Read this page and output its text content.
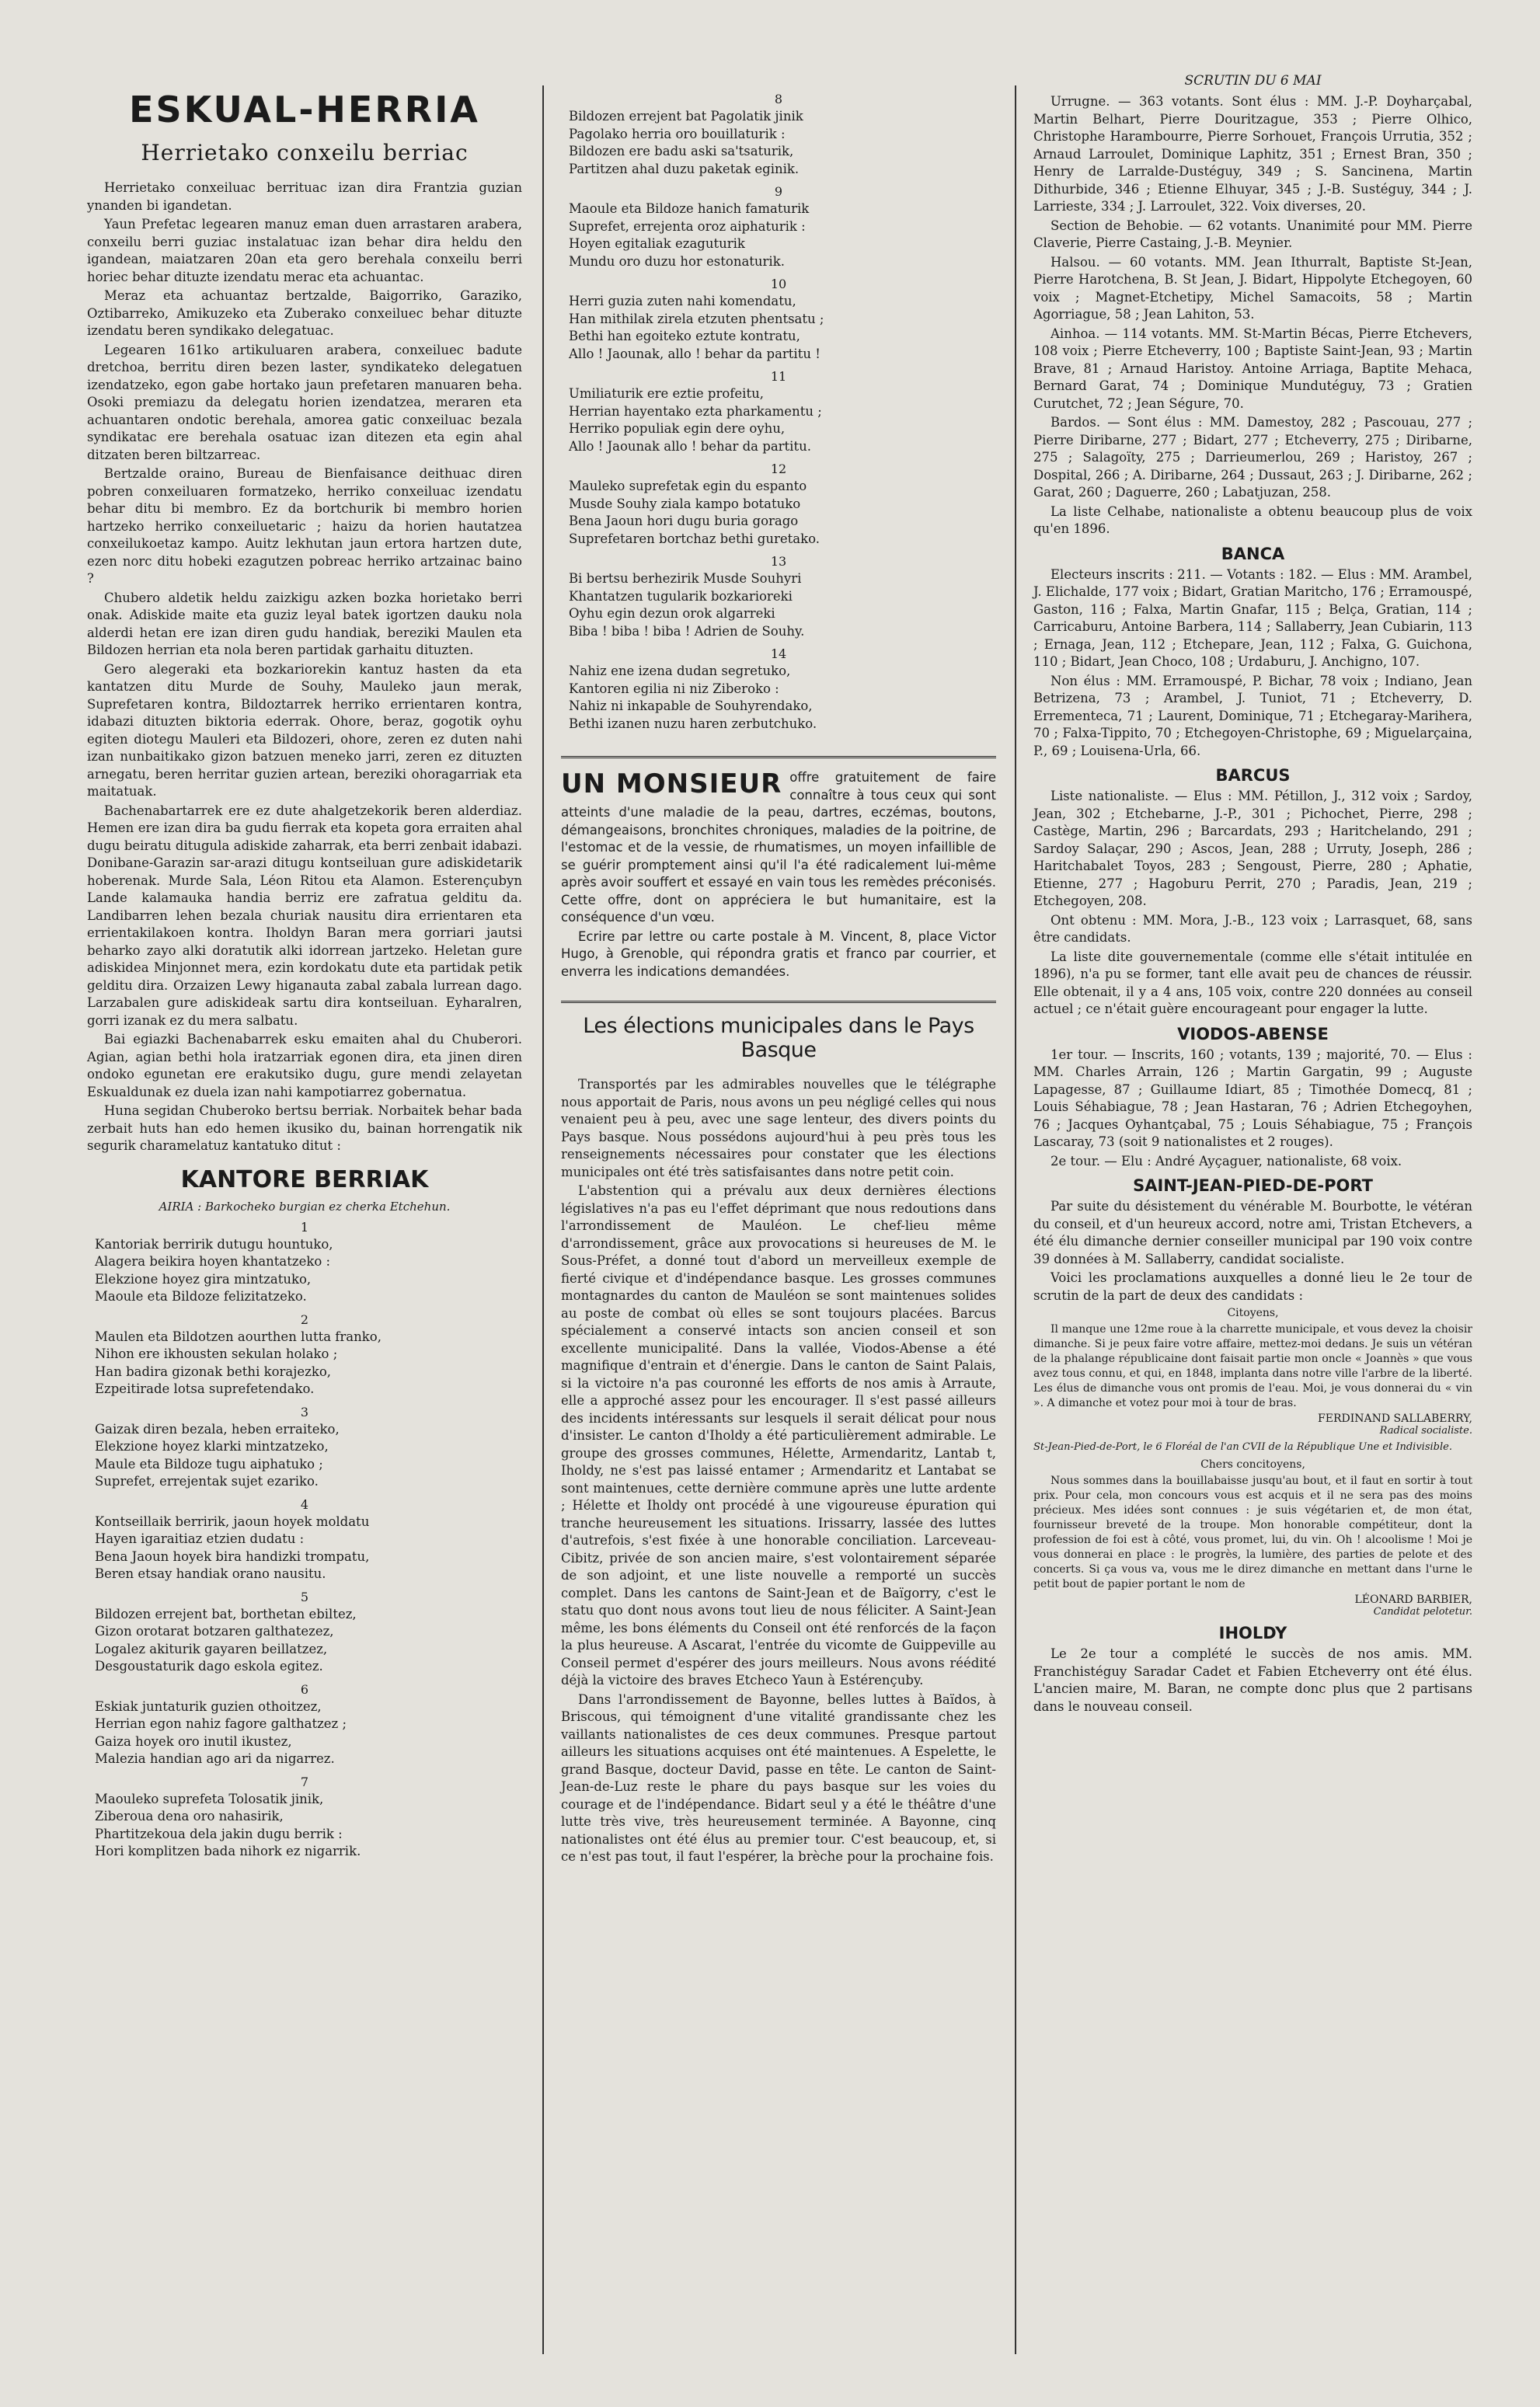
ESKUAL-HERRIA
Herrietako conxeilu berriac

Herrietako conxeiluac berrituac izan dira Frantzia guzian ynanden bi igandetan.

Yaun Prefetac legearen manuz eman duen arrastaren arabera, conxeilu berri guziac instalatuac izan behar dira heldu den igandean, maiatzaren 20an eta gero berehala conxeilu berri horiec behar dituzte izendatu merac eta achuantac.

Meraz eta achuantaz bertzalde, Baigorriko, Garaziko, Oztibarreko, Amikuzeko eta Zuberako conxeiluec behar dituzte izendatu beren syndikako delegatuac.

Legearen 161ko artikuluaren arabera, conxeiluec badute dretchoa, berritu diren bezen laster, syndikateko delegatuen izendatzeko, egon gabe hortako jaun prefetaren manuaren beha. Osoki premiazu da delegatu horien izendatzea, meraren eta achuantaren ondotic berehala, amorea gatic conxeiluac bezala syndikatac ere berehala osatuac izan ditezen eta egin ahal ditzaten beren biltzarreac.

Bertzalde oraino, Bureau de Bienfaisance deithuac diren pobren conxeiluaren formatzeko, herriko conxeiluac izendatu behar ditu bi membro. Ez da bortchurik bi membro horien hartzeko herriko conxeiluetaric ; haizu da horien hautatzea conxeilukoetaz kampo. Auitz lekhutan jaun ertora hartzen dute, ezen norc ditu hobeki ezagutzen pobreac herriko artzainac baino ?

Chubero aldetik heldu zaizkigu azken bozka horietako berri onak. Adiskide maite eta guziz leyal batek igortzen dauku nola alderdi hetan ere izan diren gudu handiak, bereziki Maulen eta Bildozen herrian eta nola beren partidak garhaitu dituzten.

Gero alegeraki eta bozkariorekin kantuz hasten da eta kantatzen ditu Murde de Souhy, Mauleko jaun merak, Suprefetaren kontra, Bildoztarrek herriko errientaren kontra, idabazi dituzten biktoria ederrak. Ohore, beraz, gogotik oyhu egiten diotegu Mauleri eta Bildozeri, ohore, zeren ez duten nahi izan nunbaitikako gizon batzuen meneko jarri, zeren ez dituzten arnegatu, beren herritar guzien artean, bereziki ohoragarriak eta maitatuak.

Bachenabartarrek ere ez dute ahalgetzekorik beren alderdiaz. Hemen ere izan dira ba gudu fierrak eta kopeta gora erraiten ahal dugu beiratu ditugula adiskide zaharrak, eta berri zenbait idabazi. Donibane-Garazin sar-arazi ditugu kontseiluan gure adiskidetarik hoberenak. Murde Sala, Léon Ritou eta Alamon. Esterençubyn Lande kalamauka handia berriz ere zafratua gelditu da. Landibarren lehen bezala churiak nausitu dira errientaren eta errientakilakoen kontra. Iholdyn Baran mera gorriari jautsi beharko zayo alki doratutik alki idorrean jartzeko. Heletan gure adiskidea Minjonnet mera, ezin kordokatu dute eta partidak petik gelditu dira. Orzaizen Lewy higanauta zabal zabala lurrean dago. Larzabalen gure adiskideak sartu dira kontseiluan. Eyharalren, gorri izanak ez du mera salbatu.

Bai egiazki Bachenabarrek esku emaiten ahal du Chuberori. Agian, agian bethi hola iratzarriak egonen dira, eta jinen diren ondoko egunetan ere erakutsiko dugu, gure mendi zelayetan Eskualdunak ez duela izan nahi kampotiarrez gobernatua.

Huna segidan Chuberoko bertsu berriak. Norbaitek behar bada zerbait huts han edo hemen ikusiko du, bainan horrengatik nik segurik charamelatuz kantatuko ditut :

KANTORE BERRIAK
AIRIA : Barkocheko burgian ez cherka Etchehun.
1
Kantoriak berririk dutugu hountuko,
Alagera beikira hoyen khantatzeko :
Elekzione hoyez gira mintzatuko,
Maoule eta Bildoze felizitatzeko.
2
Maulen eta Bildotzen aourthen lutta franko,
Nihon ere ikhousten sekulan holako ;
Han badira gizonak bethi korajezko,
Ezpeitirade lotsa suprefetendako.
3
Gaizak diren bezala, heben erraiteko,
Elekzione hoyez klarki mintzatzeko,
Maule eta Bildoze tugu aiphatuko ;
Suprefet, errejentak sujet ezariko.
4
Kontseillaik berririk, jaoun hoyek moldatu
Hayen igaraitiaz etzien dudatu :
Bena Jaoun hoyek bira handizki trompatu,
Beren etsay handiak orano nausitu.
5
Bildozen errejent bat, borthetan ebiltez,
Gizon orotarat botzaren galthatezez,
Logalez akiturik gayaren beillatzez,
Desgoustaturik dago eskola egitez.
6
Eskiak juntaturik guzien othoitzez,
Herrian egon nahiz fagore galthatzez ;
Gaiza hoyek oro inutil ikustez,
Malezia handian ago ari da nigarrez.
7
Maouleko suprefeta Tolosatik jinik,
Ziberoua dena oro nahasirik,
Phartitzekoua dela jakin dugu berrik :
Hori komplitzen bada nihork ez nigarrik.
8
Bildozen errejent bat Pagolatik jinik
Pagolako herria oro bouillaturik :
Bildozen ere badu aski sa'tsaturik,
Partitzen ahal duzu paketak eginik.
9
Maoule eta Bildoze hanich famaturik
Suprefet, errejenta oroz aiphaturik :
Hoyen egitaliak ezaguturik
Mundu oro duzu hor estonaturik.
10
Herri guzia zuten nahi komendatu,
Han mithilak zirela etzuten phentsatu ;
Bethi han egoiteko eztute kontratu,
Allo ! Jaounak, allo ! behar da partitu !
11
Umiliaturik ere eztie profeitu,
Herrian hayentako ezta pharkamentu ;
Herriko populiak egin dere oyhu,
Allo ! Jaounak allo ! behar da partitu.
12
Mauleko suprefetak egin du espanto
Musde Souhy ziala kampo botatuko
Bena Jaoun hori dugu buria gorago
Suprefetaren bortchaz bethi guretako.
13
Bi bertsu berhezirik Musde Souhyri
Khantatzen tugularik bozkarioreki
Oyhu egin dezun orok algarreki
Biba ! biba ! biba ! Adrien de Souhy.
14
Nahiz ene izena dudan segretuko,
Kantoren egilia ni niz Ziberoko :
Nahiz ni inkapable de Souhyrendako,
Bethi izanen nuzu haren zerbutchuko.
UN MONSIEUR offre gratuitement de faire connaître à tous ceux qui sont atteints d'une maladie de la peau, dartres, eczémas, boutons, démangeaisons, bronchites chroniques, maladies de la poitrine, de l'estomac et de la vessie, de rhumatismes, un moyen infaillible de se guérir promptement ainsi qu'il l'a été radicalement lui-même après avoir souffert et essayé en vain tous les remèdes préconisés. Cette offre, dont on appréciera le but humanitaire, est la conséquence d'un vœu.

Ecrire par lettre ou carte postale à M. Vincent, 8, place Victor Hugo, à Grenoble, qui répondra gratis et franco par courrier, et enverra les indications demandées.

Les élections municipales dans le Pays Basque

Transportés par les admirables nouvelles que le télégraphe nous apportait de Paris, nous avons un peu négligé celles qui nous venaient peu à peu, avec une sage lenteur, des divers points du Pays basque. Nous possédons aujourd'hui à peu près tous les renseignements nécessaires pour constater que les élections municipales ont été très satisfaisantes dans notre petit coin.

L'abstention qui a prévalu aux deux dernières élections législatives n'a pas eu l'effet déprimant que nous redoutions dans l'arrondissement de Mauléon. Le chef-lieu même d'arrondissement, grâce aux provocations si heureuses de M. le Sous-Préfet, a donné tout d'abord un merveilleux exemple de fierté civique et d'indépendance basque. Les grosses communes montagnardes du canton de Mauléon se sont maintenues solides au poste de combat où elles se sont toujours placées. Barcus spécialement a conservé intacts son ancien conseil et son excellente municipalité. Dans la vallée, Viodos-Abense a été magnifique d'entrain et d'énergie. Dans le canton de Saint Palais, si la victoire n'a pas couronné les efforts de nos amis à Arraute, elle a approché assez pour les encourager. Il s'est passé ailleurs des incidents intéressants sur lesquels il serait délicat pour nous d'insister. Le canton d'Iholdy a été particulièrement admirable. Le groupe des grosses communes, Hélette, Armendaritz, Lantab t, Iholdy, ne s'est pas laissé entamer ; Armendaritz et Lantabat se sont maintenues, cette dernière commune après une lutte ardente ; Hélette et Iholdy ont procédé à une vigoureuse épuration qui tranche heureusement les situations. Irissarry, lassée des luttes d'autrefois, s'est fixée à une honorable conciliation. Larceveau-Cibitz, privée de son ancien maire, s'est volontairement séparée de son adjoint, et une liste nouvelle a remporté un succès complet. Dans les cantons de Saint-Jean et de Baïgorry, c'est le statu quo dont nous avons tout lieu de nous féliciter. A Saint-Jean même, les bons éléments du Conseil ont été renforcés de la façon la plus heureuse. A Ascarat, l'entrée du vicomte de Guippeville au Conseil permet d'espérer des jours meilleurs. Nous avons réédité déjà la victoire des braves Etcheco Yaun à Estérençuby.

Dans l'arrondissement de Bayonne, belles luttes à Baïdos, à Briscous, qui témoignent d'une vitalité grandissante chez les vaillants nationalistes de ces deux communes. Presque partout ailleurs les situations acquises ont été maintenues. A Espelette, le grand Basque, docteur David, passe en tête. Le canton de Saint-Jean-de-Luz reste le phare du pays basque sur les voies du courage et de l'indépendance. Bidart seul y a été le théâtre d'une lutte très vive, très heureusement terminée. A Bayonne, cinq nationalistes ont été élus au premier tour. C'est beaucoup, et, si ce n'est pas tout, il faut l'espérer, la brèche pour la prochaine fois.

SCRUTIN DU 6 MAI

Urrugne. — 363 votants. Sont élus : MM. J.-P. Doyharçabal, Martin Belhart, Pierre Douritzague, 353 ; Pierre Olhico, Christophe Harambourre, Pierre Sorhouet, François Urrutia, 352 ; Arnaud Larroulet, Dominique Laphitz, 351 ; Ernest Bran, 350 ; Henry de Larralde-Dustéguy, 349 ; S. Sancinena, Martin Dithurbide, 346 ; Etienne Elhuyar, 345 ; J.-B. Sustéguy, 344 ; J. Larrieste, 334 ; J. Larroulet, 322. Voix diverses, 20.

Section de Behobie. — 62 votants. Unanimité pour MM. Pierre Claverie, Pierre Castaing, J.-B. Meynier.

Halsou. — 60 votants. MM. Jean Ithurralt, Baptiste St-Jean, Pierre Harotchena, B. St Jean, J. Bidart, Hippolyte Etchegoyen, 60 voix ; Magnet-Etchetipy, Michel Samacoits, 58 ; Martin Agorriague, 58 ; Jean Lahiton, 53.

Ainhoa. — 114 votants. MM. St-Martin Bécas, Pierre Etchevers, 108 voix ; Pierre Etcheverry, 100 ; Baptiste Saint-Jean, 93 ; Martin Brave, 81 ; Arnaud Haristoy. Antoine Arriaga, Baptite Mehaca, Bernard Garat, 74 ; Dominique Mundutéguy, 73 ; Gratien Curutchet, 72 ; Jean Ségure, 70.

Bardos. — Sont élus : MM. Damestoy, 282 ; Pascouau, 277 ; Pierre Diribarne, 277 ; Bidart, 277 ; Etcheverry, 275 ; Diribarne, 275 ; Salagoïty, 275 ; Darrieumerlou, 269 ; Haristoy, 267 ; Dospital, 266 ; A. Diribarne, 264 ; Dussaut, 263 ; J. Diribarne, 262 ; Garat, 260 ; Daguerre, 260 ; Labatjuzan, 258.

La liste Celhabe, nationaliste a obtenu beaucoup plus de voix qu'en 1896.

BANCA

Electeurs inscrits : 211. — Votants : 182. — Elus : MM. Arambel, J. Elichalde, 177 voix ; Bidart, Gratian Maritcho, 176 ; Erramouspé, Gaston, 116 ; Falxa, Martin Gnafar, 115 ; Belça, Gratian, 114 ; Carricaburu, Antoine Barbera, 114 ; Sallaberry, Jean Cubiarin, 113 ; Ernaga, Jean, 112 ; Etchepare, Jean, 112 ; Falxa, G. Guichona, 110 ; Bidart, Jean Choco, 108 ; Urdaburu, J. Anchigno, 107.

Non élus : MM. Erramouspé, P. Bichar, 78 voix ; Indiano, Jean Betrizena, 73 ; Arambel, J. Tuniot, 71 ; Etcheverry, D. Errementeca, 71 ; Laurent, Dominique, 71 ; Etchegaray-Marihera, 70 ; Falxa-Tippito, 70 ; Etchegoyen-Christophe, 69 ; Miguelarçaina, P., 69 ; Louisena-Urla, 66.

BARCUS

Liste nationaliste. — Elus : MM. Pétillon, J., 312 voix ; Sardoy, Jean, 302 ; Etchebarne, J.-P., 301 ; Pichochet, Pierre, 298 ; Castège, Martin, 296 ; Barcardats, 293 ; Haritchelando, 291 ; Sardoy Salaçar, 290 ; Ascos, Jean, 288 ; Urruty, Joseph, 286 ; Haritchabalet Toyos, 283 ; Sengoust, Pierre, 280 ; Aphatie, Etienne, 277 ; Hagoburu Perrit, 270 ; Paradis, Jean, 219 ; Etchegoyen, 208.

Ont obtenu : MM. Mora, J.-B., 123 voix ; Larrasquet, 68, sans être candidats.

La liste dite gouvernementale (comme elle s'était intitulée en 1896), n'a pu se former, tant elle avait peu de chances de réussir. Elle obtenait, il y a 4 ans, 105 voix, contre 220 données au conseil actuel ; ce n'était guère encourageant pour engager la lutte.

VIODOS-ABENSE

1er tour. — Inscrits, 160 ; votants, 139 ; majorité, 70. — Elus : MM. Charles Arrain, 126 ; Martin Gargatin, 99 ; Auguste Lapagesse, 87 ; Guillaume Idiart, 85 ; Timothée Domecq, 81 ; Louis Séhabiague, 78 ; Jean Hastaran, 76 ; Adrien Etchegoyhen, 76 ; Jacques Oyhantçabal, 75 ; Louis Séhabiague, 75 ; François Lascaray, 73 (soit 9 nationalistes et 2 rouges).

2e tour. — Elu : André Ayçaguer, nationaliste, 68 voix.

SAINT-JEAN-PIED-DE-PORT

Par suite du désistement du vénérable M. Bourbotte, le vétéran du conseil, et d'un heureux accord, notre ami, Tristan Etchevers, a été élu dimanche dernier conseiller municipal par 190 voix contre 39 données à M. Sallaberry, candidat socialiste.

Voici les proclamations auxquelles a donné lieu le 2e tour de scrutin de la part de deux des candidats :

Citoyens,

Il manque une 12me roue à la charrette municipale, et vous devez la choisir dimanche. Si je peux faire votre affaire, mettez-moi dedans. Je suis un vétéran de la phalange républicaine dont faisait partie mon oncle « Joannès » que vous avez tous connu, et qui, en 1848, implanta dans notre ville l'arbre de la liberté. Les élus de dimanche vous ont promis de l'eau. Moi, je vous donnerai du « vin ». A dimanche et votez pour moi à tour de bras.

FERDINAND SALLABERRY,
Radical socialiste.
St-Jean-Pied-de-Port, le 6 Floréal de l'an CVII de la République Une et Indivisible.

Chers concitoyens,

Nous sommes dans la bouillabaisse jusqu'au bout, et il faut en sortir à tout prix. Pour cela, mon concours vous est acquis et il ne sera pas des moins précieux. Mes idées sont connues : je suis végétarien et, de mon état, fournisseur breveté de la troupe. Mon honorable compétiteur, dont la profession de foi est à côté, vous promet, lui, du vin. Oh ! alcoolisme ! Moi je vous donnerai en place : le progrès, la lumière, des parties de pelote et des concerts. Si ça vous va, vous me le direz dimanche en mettant dans l'urne le petit bout de papier portant le nom de

LÉONARD BARBIER,
Candidat pelotetur.
IHOLDY

Le 2e tour a complété le succès de nos amis. MM. Franchistéguy Saradar Cadet et Fabien Etcheverry ont été élus. L'ancien maire, M. Baran, ne compte donc plus que 2 partisans dans le nouveau conseil.
